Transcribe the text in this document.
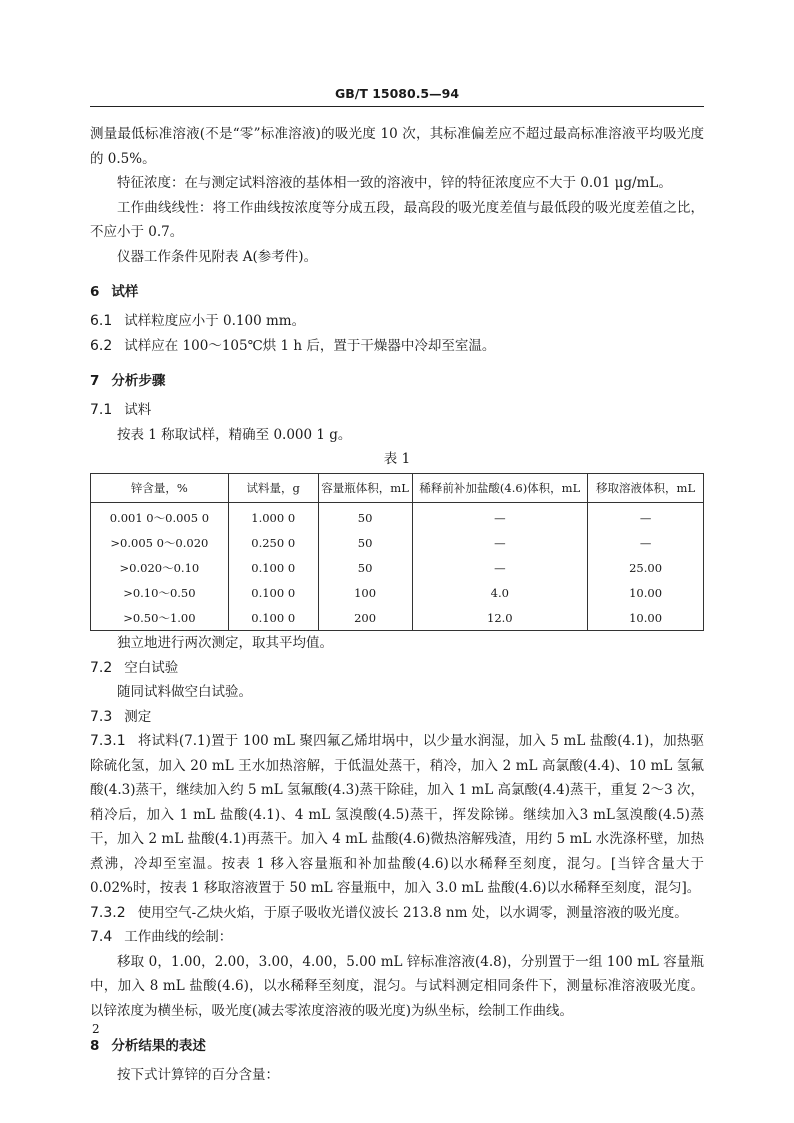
GB/T 15080.5—94

测量最低标准溶液(不是“零”标准溶液)的吸光度 10 次，其标准偏差应不超过最高标准溶液平均吸光度的 0.5%。

特征浓度：在与测定试料溶液的基体相一致的溶液中，锌的特征浓度应不大于 0.01 μg/mL。

工作曲线线性：将工作曲线按浓度等分成五段，最高段的吸光度差值与最低段的吸光度差值之比，不应小于 0.7。

仪器工作条件见附表 A(参考件)。

6 试样

6.1 试样粒度应小于 0.100 mm。

6.2 试样应在 100～105℃烘 1 h 后，置于干燥器中冷却至室温。

7 分析步骤

7.1 试料

按表 1 称取试样，精确至 0.000 1 g。

表 1
锌含量，%	试料量，g	容量瓶体积，mL	稀释前补加盐酸(4.6)体积，mL	移取溶液体积，mL
0.001 0～0.005 0	1.000 0	50	—	—
>0.005 0～0.020	0.250 0	50	—	—
>0.020～0.10	0.100 0	50	—	25.00
>0.10～0.50	0.100 0	100	4.0	10.00
>0.50～1.00	0.100 0	200	12.0	10.00

独立地进行两次测定，取其平均值。

7.2 空白试验

随同试料做空白试验。

7.3 测定

7.3.1 将试料(7.1)置于 100 mL 聚四氟乙烯坩埚中，以少量水润湿，加入 5 mL 盐酸(4.1)，加热驱除硫化氢，加入 20 mL 王水加热溶解，于低温处蒸干，稍冷，加入 2 mL 高氯酸(4.4)、10 mL 氢氟酸(4.3)蒸干，继续加入约 5 mL 氢氟酸(4.3)蒸干除硅，加入 1 mL 高氯酸(4.4)蒸干，重复 2～3 次，稍冷后，加入 1 mL 盐酸(4.1)、4 mL 氢溴酸(4.5)蒸干，挥发除锑。继续加入3 mL氢溴酸(4.5)蒸干，加入 2 mL 盐酸(4.1)再蒸干。加入 4 mL 盐酸(4.6)微热溶解残渣，用约 5 mL 水洗涤杯壁，加热煮沸，冷却至室温。按表 1 移入容量瓶和补加盐酸(4.6)以水稀释至刻度，混匀。[当锌含量大于 0.02%时，按表 1 移取溶液置于 50 mL 容量瓶中，加入 3.0 mL 盐酸(4.6)以水稀释至刻度，混匀]。

7.3.2 使用空气-乙炔火焰，于原子吸收光谱仪波长 213.8 nm 处，以水调零，测量溶液的吸光度。

7.4 工作曲线的绘制：

移取 0，1.00，2.00，3.00，4.00，5.00 mL 锌标准溶液(4.8)，分别置于一组 100 mL 容量瓶中，加入 8 mL 盐酸(4.6)，以水稀释至刻度，混匀。与试料测定相同条件下，测量标准溶液吸光度。以锌浓度为横坐标，吸光度(减去零浓度溶液的吸光度)为纵坐标，绘制工作曲线。

8 分析结果的表述

按下式计算锌的百分含量：

2
